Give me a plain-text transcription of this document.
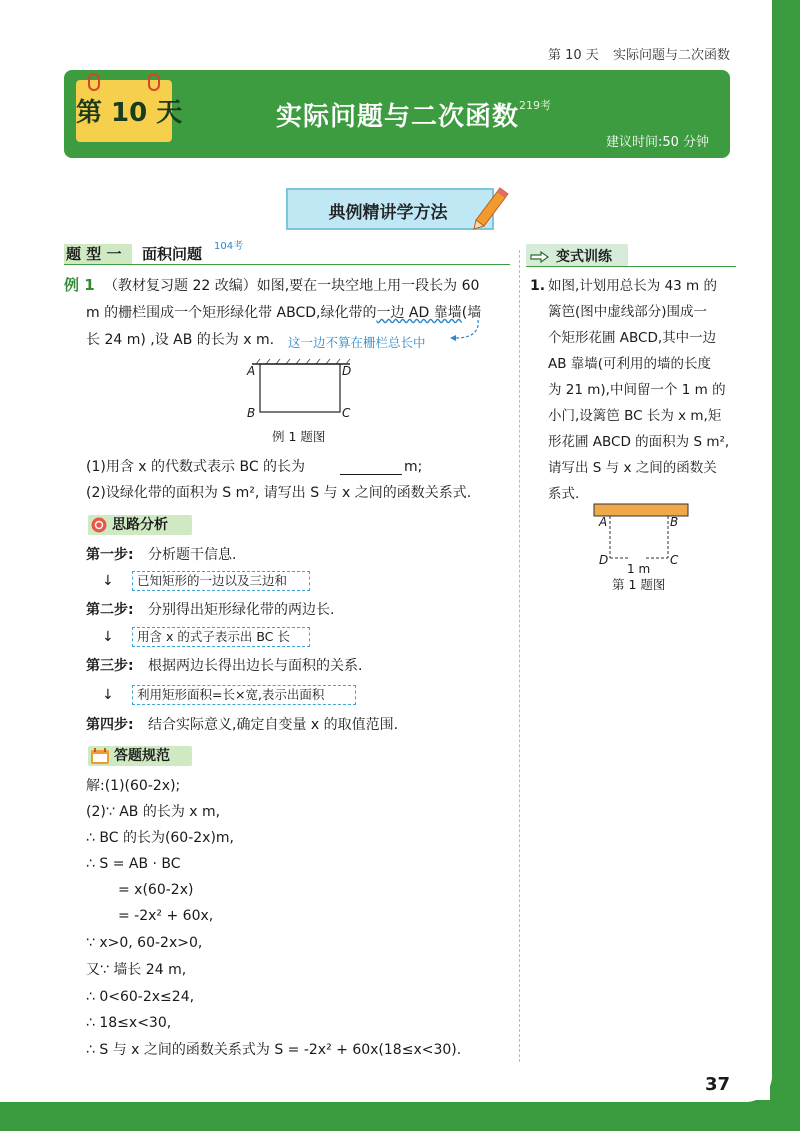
第 10 天 实际问题与二次函数
第 10 天	实际问题与二次函数 219考
建议时间:50 分钟
典例精讲学方法
题 型 一 面积问题 104考
例 1 （教材复习题 22 改编）如图,要在一块空地上用一段长为 60
m 的栅栏围成一个矩形绿化带 ABCD,绿化带的一边 AD 靠墙(墙
长 24 m) ,设 AB 的长为 x m. 这一边不算在栅栏总长中
A	D
B	C
例 1 题图
(1)用含 x 的代数式表示 BC 的长为	m;
(2)设绿化带的面积为 S m², 请写出 S 与 x 之间的函数关系式.
思路分析
第一步: 分析题干信息.
↓ 已知矩形的一边以及三边和
第二步: 分别得出矩形绿化带的两边长.
↓ 用含 x 的式子表示出 BC 长
第三步: 根据两边长得出边长与面积的关系.
↓ 利用矩形面积=长×宽,表示出面积
第四步: 结合实际意义,确定自变量 x 的取值范围.
答题规范
解:(1)(60-2x);
(2)∵ AB 的长为 x m,
∴ BC 的长为(60-2x)m,
∴ S = AB · BC
= x(60-2x)
= -2x² + 60x,
∵ x>0, 60-2x>0,
又∵ 墙长 24 m,
∴ 0<60-2x≤24,
∴ 18≤x<30,
∴ S 与 x 之间的函数关系式为 S = -2x² + 60x(18≤x<30).
变式训练
1. 如图,计划用总长为 43 m 的
篱笆(图中虚线部分)围成一
个矩形花圃 ABCD,其中一边
AB 靠墙(可利用的墙的长度
为 21 m),中间留一个 1 m 的
小门,设篱笆 BC 长为 x m,矩
形花圃 ABCD 的面积为 S m²,
请写出 S 与 x 之间的函数关
系式.
A	B
D	C
1 m
第 1 题图
37
